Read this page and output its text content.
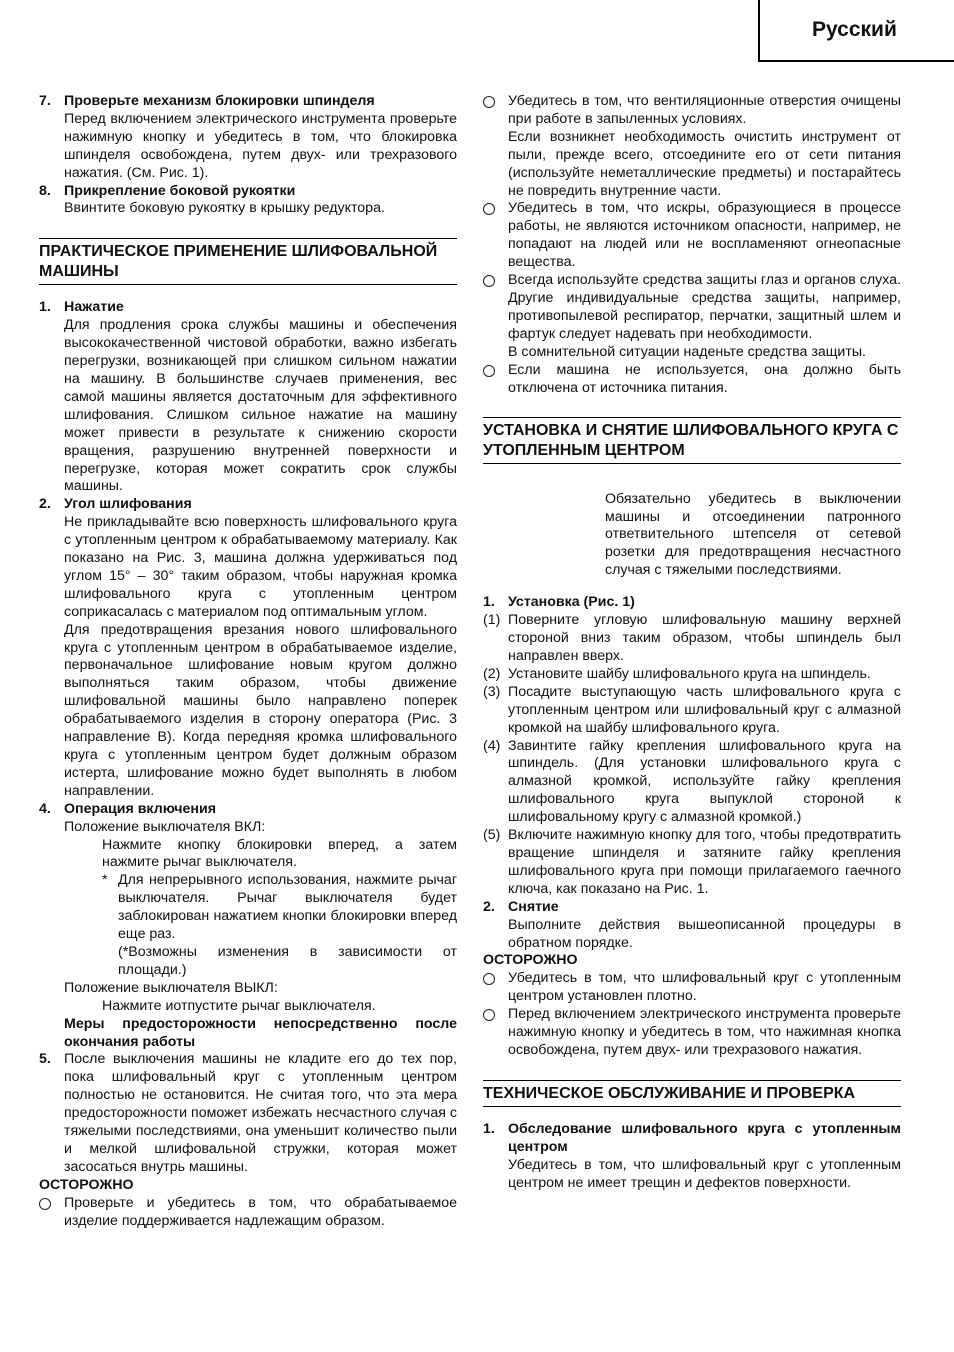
Русский
7. Проверьте механизм блокировки шпинделя

Перед включением электрического инструмента проверьте нажимную кнопку и убедитесь в том, что блокировка шпинделя освобождена, путем двух- или трехразового нажатия. (См. Рис. 1).

8. Прикрепление боковой рукоятки

Ввинтите боковую рукоятку в крышку редуктора.

ПРАКТИЧЕСКОЕ ПРИМЕНЕНИЕ ШЛИФОВАЛЬНОЙ МАШИНЫ
1. Нажатие

Для продления срока службы машины и обеспечения высококачественной чистовой обработки, важно избегать перегрузки, возникающей при слишком сильном нажатии на машину. В большинстве случаев применения, вес самой машины является достаточным для эффективного шлифования. Слишком сильное нажатие на машину может привести в результате к снижению скорости вращения, разрушению внутренней поверхности и перегрузке, которая может сократить срок службы машины.

2. Угол шлифования

Не прикладывайте всю поверхность шлифовального круга с утопленным центром к обрабатываемому материалу. Как показано на Рис. 3, машина должна удерживаться под углом 15° – 30° таким образом, чтобы наружная кромка шлифовального круга с утопленным центром соприкасалась с материалом под оптимальным углом.

Для предотвращения врезания нового шлифовального круга с утопленным центром в обрабатываемое изделие, первоначальное шлифование новым кругом должно выполняться таким образом, чтобы движение шлифовальной машины было направлено поперек обрабатываемого изделия в сторону оператора (Рис. 3 направление B). Когда передняя кромка шлифовального круга с утопленным центром будет должным образом истерта, шлифование можно будет выполнять в любом направлении.

4. Операция включения

Положение выключателя ВКЛ:

Нажмите кнопку блокировки вперед, а затем нажмите рычаг выключателя.

* Для непрерывного использования, нажмите рычаг выключателя. Рычаг выключателя будет заблокирован нажатием кнопки блокировки вперед ещe раз.

(*Возможны изменения в зависимости от площади.)

Положение выключателя ВЫКЛ:

Нажмите иотпустите рычаг выключателя.

Меры предосторожности непосредственно после окончания работы

5. После выключения машины не кладите его до тех пор, пока шлифовальный круг с утопленным центром полностью не остановится. Не считая того, что эта мера предосторожности поможет избежать несчастного случая с тяжелыми последствиями, она уменьшит количество пыли и мелкой шлифовальной стружки, которая может засосаться внутрь машины.

ОСТОРОЖНО

Проверьте и убедитесь в том, что обрабатываемое изделие поддерживается надлежащим образом.
Убедитесь в том, что вентиляционные отверстия очищены при работе в запыленных условиях.
Если возникнет необходимость очистить инструмент от пыли, прежде всего, отсоедините его от сети питания (используйте неметаллические предметы) и постарайтесь не повредить внутренние части.
Убедитесь в том, что искры, образующиеся в процессе работы, не являются источником опасности, например, не попадают на людей или не воспламеняют огнеопасные вещества.
Всегда используйте средства защиты глаз и органов слуха.
Другие индивидуальные средства защиты, например, противопылевой респиратор, перчатки, защитный шлем и фартук следует надевать при необходимости.
В сомнительной ситуации наденьте средства защиты.
Если машина не используется, она должно быть отключена от источника питания.
УСТАНОВКА И СНЯТИЕ ШЛИФОВАЛЬНОГО КРУГА С УТОПЛЕННЫМ ЦЕНТРОМ

Обязательно убедитесь в выключении машины и отсоединении патронного ответвительного штепселя от сетевой розетки для предотвращения несчастного случая с тяжелыми последствиями.

1. Установка (Рис. 1)
(1) Поверните угловую шлифовальную машину верхней стороной вниз таким образом, чтобы шпиндель был направлен вверх.
(2) Установите шайбу шлифовального круга на шпиндель.
(3) Посадите выступающую часть шлифовального круга с утопленным центром или шлифовальный круг с алмазной кромкой на шайбу шлифовального круга.
(4) Завинтите гайку крепления шлифовального круга на шпиндель. (Для установки шлифовального круга с алмазной кромкой, используйте гайку крепления шлифовального круга выпуклой стороной к шлифовальному кругу с алмазной кромкой.)
(5) Включите нажимную кнопку для того, чтобы предотвратить вращение шпинделя и затяните гайку крепления шлифовального круга при помощи прилагаемого гаечного ключа, как показано на Рис. 1.
2. Снятие

Выполните действия вышеописанной процедуры в обратном порядке.

ОСТОРОЖНО

Убедитесь в том, что шлифовальный круг с утопленным центром установлен плотно.
Перед включением электрического инструмента проверьте нажимную кнопку и убедитесь в том, что нажимная кнопка освобождена, путем двух- или трехразового нажатия.
ТЕХНИЧЕСКОЕ ОБСЛУЖИВАНИЕ И ПРОВЕРКА
1. Обследование шлифовального круга с утопленным центром

Убедитесь в том, что шлифовальный круг с утопленным центром не имеет трещин и дефектов поверхности.
